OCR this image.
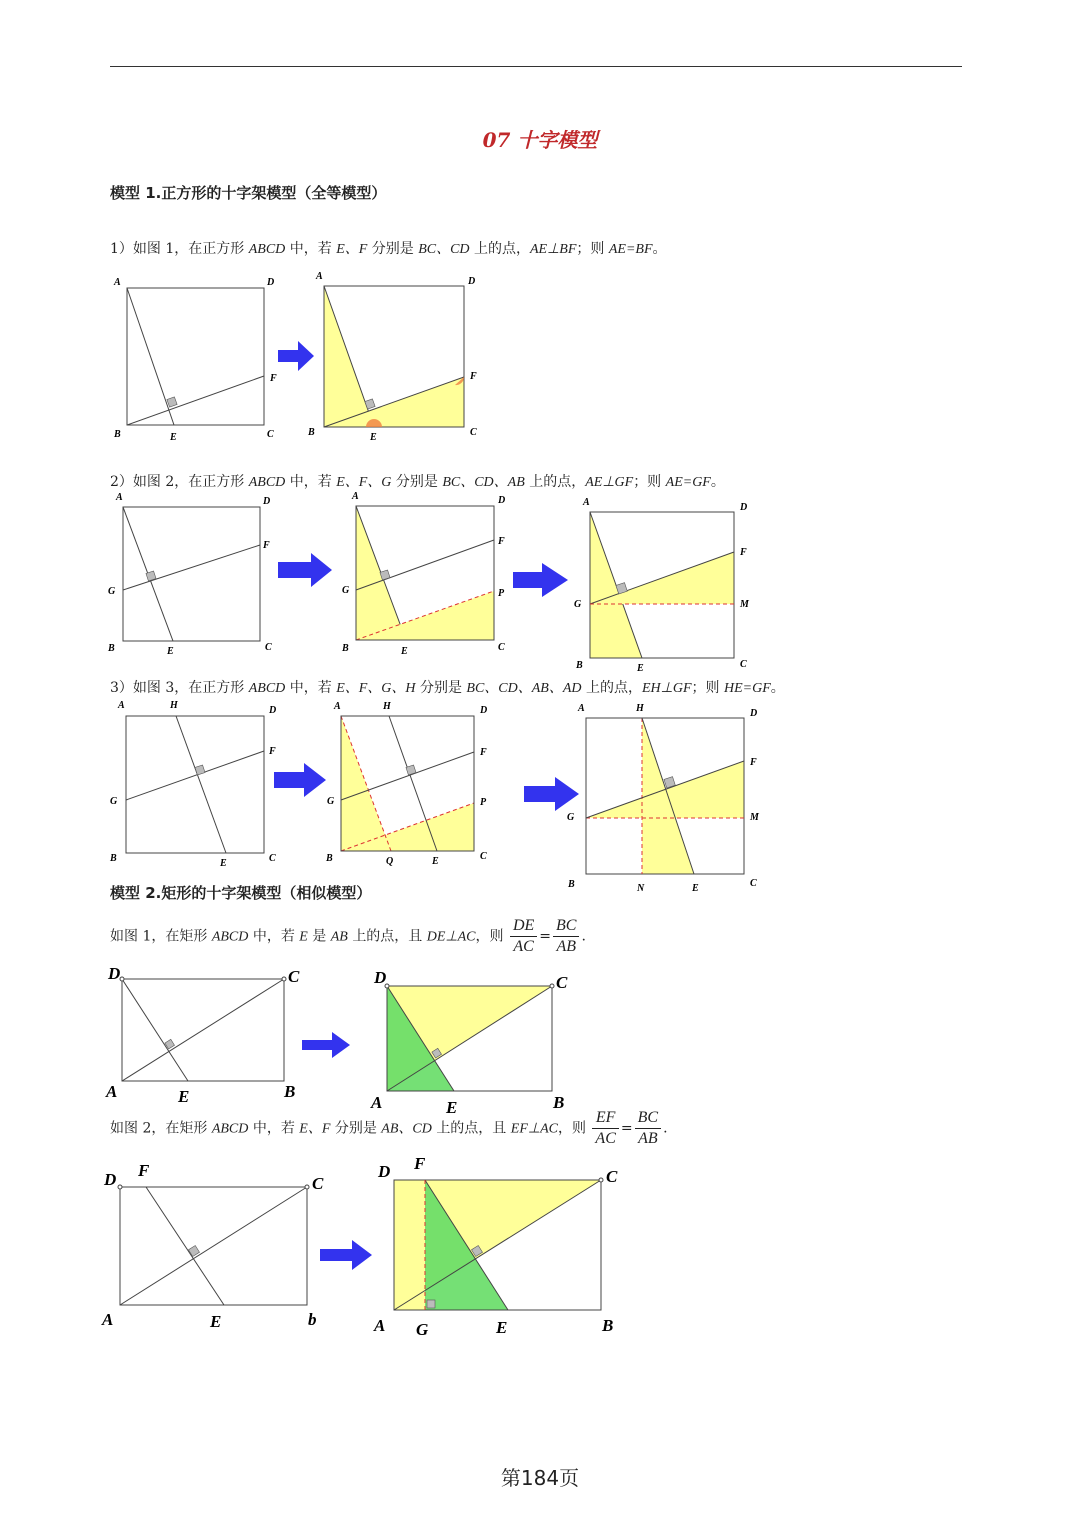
07 十字模型
模型 1.正方形的十字架模型（全等模型）
1）如图 1，在正方形 ABCD 中，若 E、F 分别是 BC、CD 上的点，AE⊥BF；则 AE=BF。
A	D
B	C
E
F
A	D
B	C
E
F
2）如图 2，在正方形 ABCD 中，若 E、F、G 分别是 BC、CD、AB 上的点，AE⊥GF；则 AE=GF。
A	D
G
F
B	C
E
A	D
G
F
P
B	C
E
A	D
G
F
M
B	C
E
3）如图 3，在正方形 ABCD 中，若 E、F、G、H 分别是 BC、CD、AB、AD 上的点，EH⊥GF；则 HE=GF。
A	H	D
G
F
B	C
E
A	H	D
G
F
P
B	C
Q	E
A	H	D
G
F
M
B	C
N	E
模型 2.矩形的十字架模型（相似模型）
如图 1，在矩形 ABCD 中，若 E 是 AB 上的点，且 DE⊥AC，则 $\frac{DE}{AC} = \frac{BC}{AB}$ .
D	C
A	B
E
D	C
A	B
E
如图 2，在矩形 ABCD 中，若 E、F 分别是 AB、CD 上的点，且 EF⊥AC，则 $\frac{EF}{AC} = \frac{BC}{AB}$ .
D F
C
A	E	b
D F
C
A G	E	B
第184页
